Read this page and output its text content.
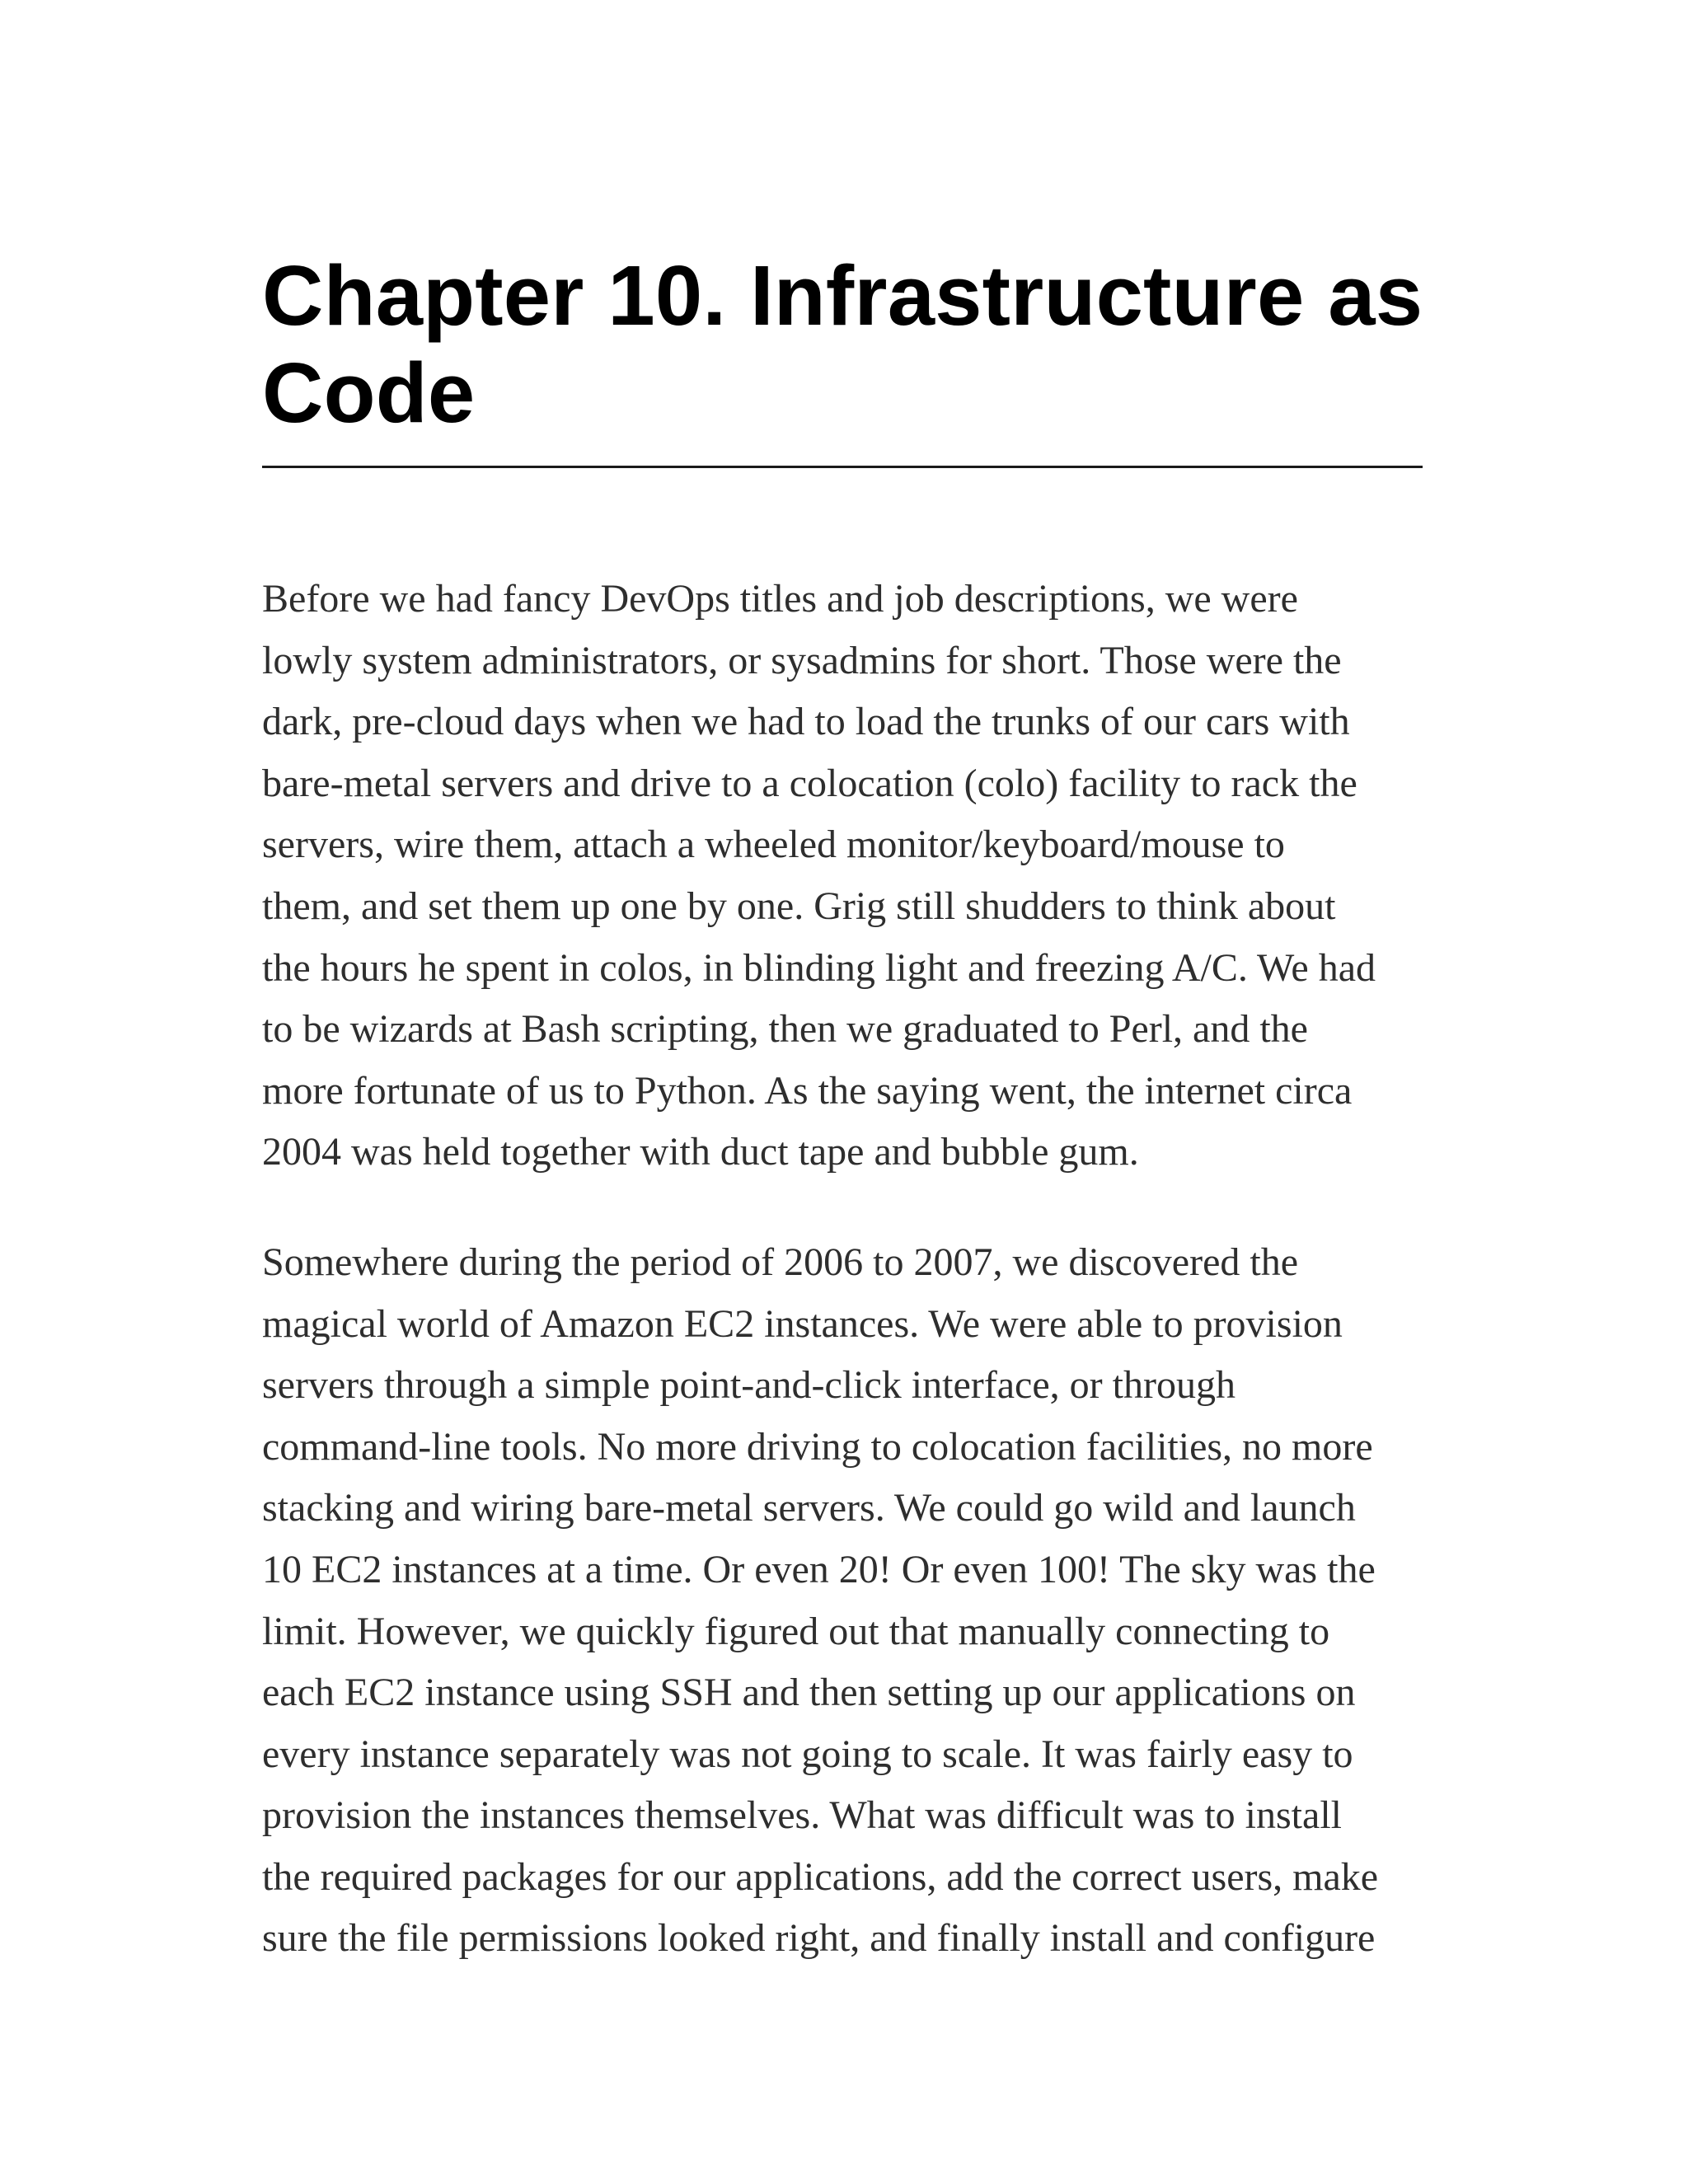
Chapter 10. Infrastructure as
Code

Before we had fancy DevOps titles and job descriptions, we were
lowly system administrators, or sysadmins for short. Those were the
dark, pre-cloud days when we had to load the trunks of our cars with
bare-metal servers and drive to a colocation (colo) facility to rack the
servers, wire them, attach a wheeled monitor/keyboard/mouse to
them, and set them up one by one. Grig still shudders to think about
the hours he spent in colos, in blinding light and freezing A/C. We had
to be wizards at Bash scripting, then we graduated to Perl, and the
more fortunate of us to Python. As the saying went, the internet circa
2004 was held together with duct tape and bubble gum.

Somewhere during the period of 2006 to 2007, we discovered the
magical world of Amazon EC2 instances. We were able to provision
servers through a simple point-and-click interface, or through
command-line tools. No more driving to colocation facilities, no more
stacking and wiring bare-metal servers. We could go wild and launch
10 EC2 instances at a time. Or even 20! Or even 100! The sky was the
limit. However, we quickly figured out that manually connecting to
each EC2 instance using SSH and then setting up our applications on
every instance separately was not going to scale. It was fairly easy to
provision the instances themselves. What was difficult was to install
the required packages for our applications, add the correct users, make
sure the file permissions looked right, and finally install and configure
